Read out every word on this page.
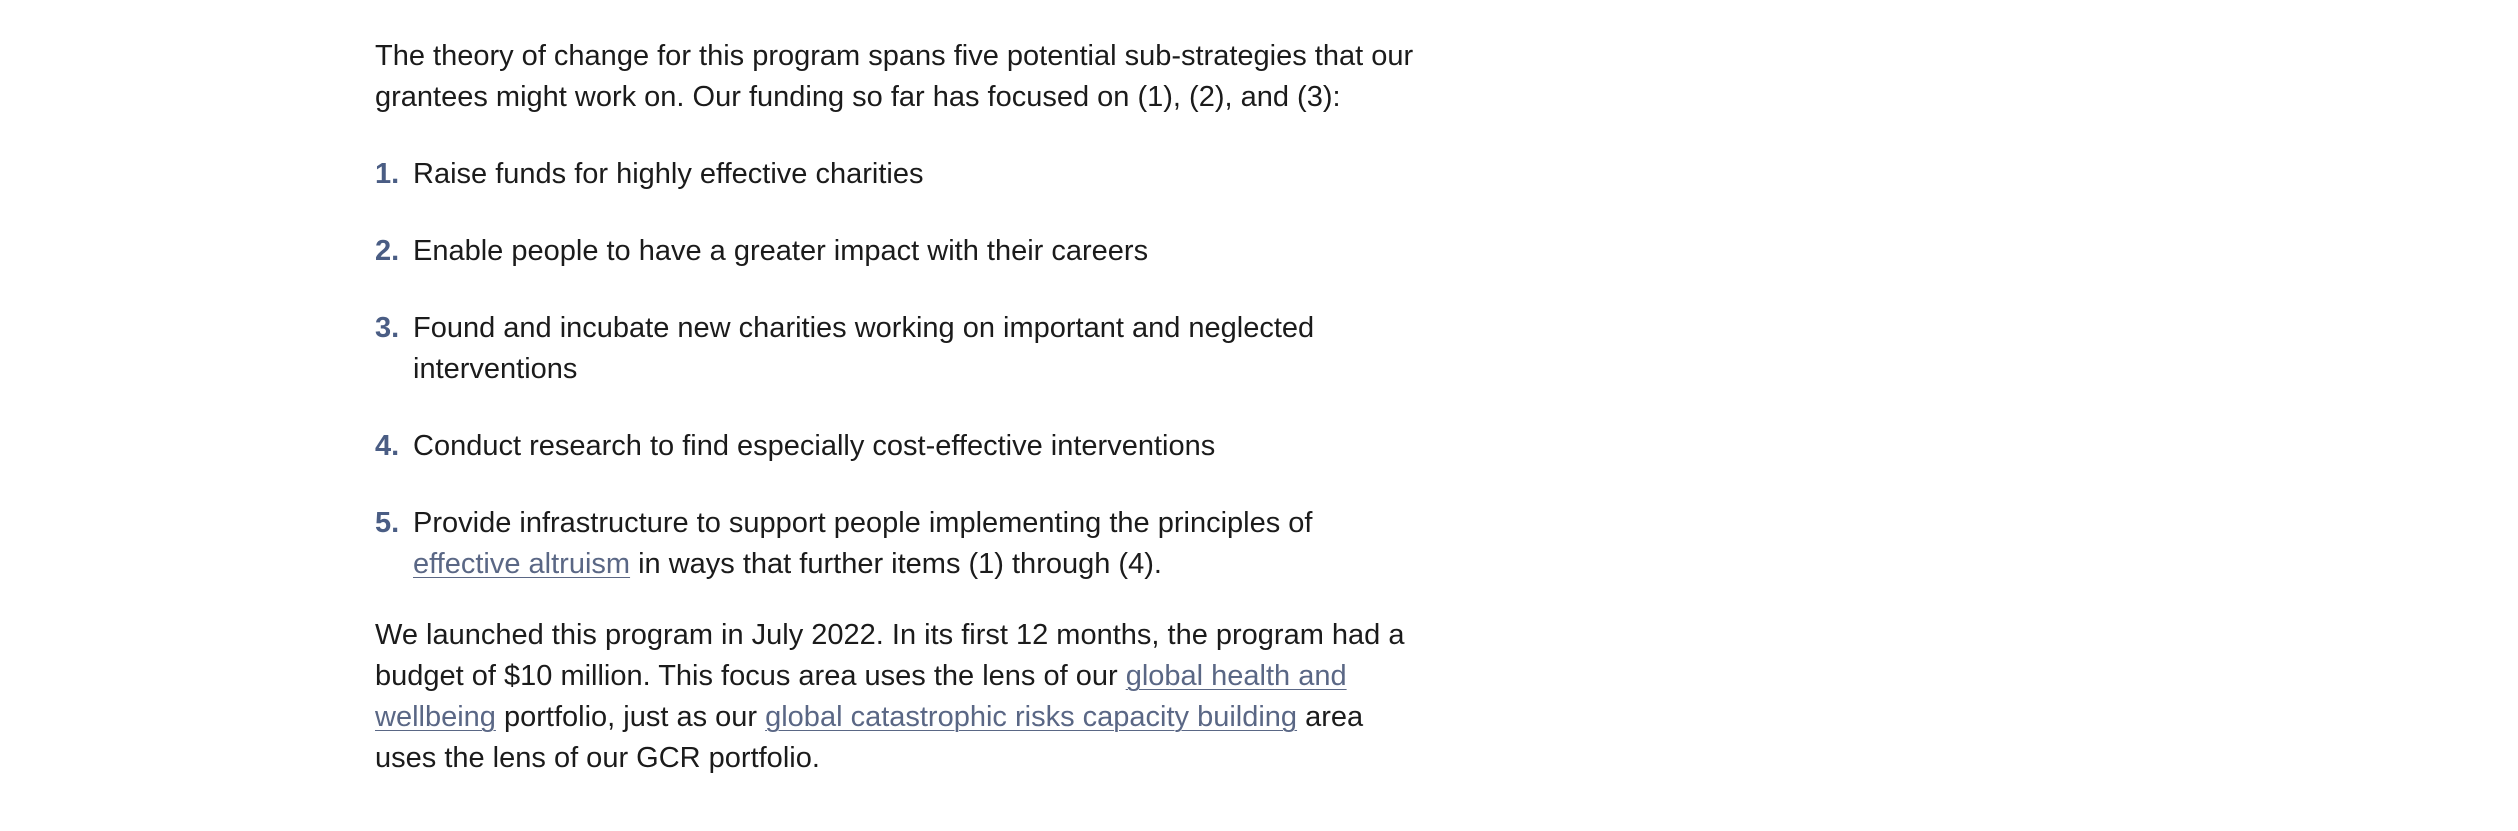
The theory of change for this program spans five potential sub-strategies that our grantees might work on. Our funding so far has focused on (1), (2), and (3):

1. Raise funds for highly effective charities
2. Enable people to have a greater impact with their careers
3. Found and incubate new charities working on important and neglected interventions
4. Conduct research to find especially cost-effective interventions
5. Provide infrastructure to support people implementing the principles of effective altruism in ways that further items (1) through (4).

We launched this program in July 2022. In its first 12 months, the program had a budget of $10 million. This focus area uses the lens of our global health and wellbeing portfolio, just as our global catastrophic risks capacity building area uses the lens of our GCR portfolio.
